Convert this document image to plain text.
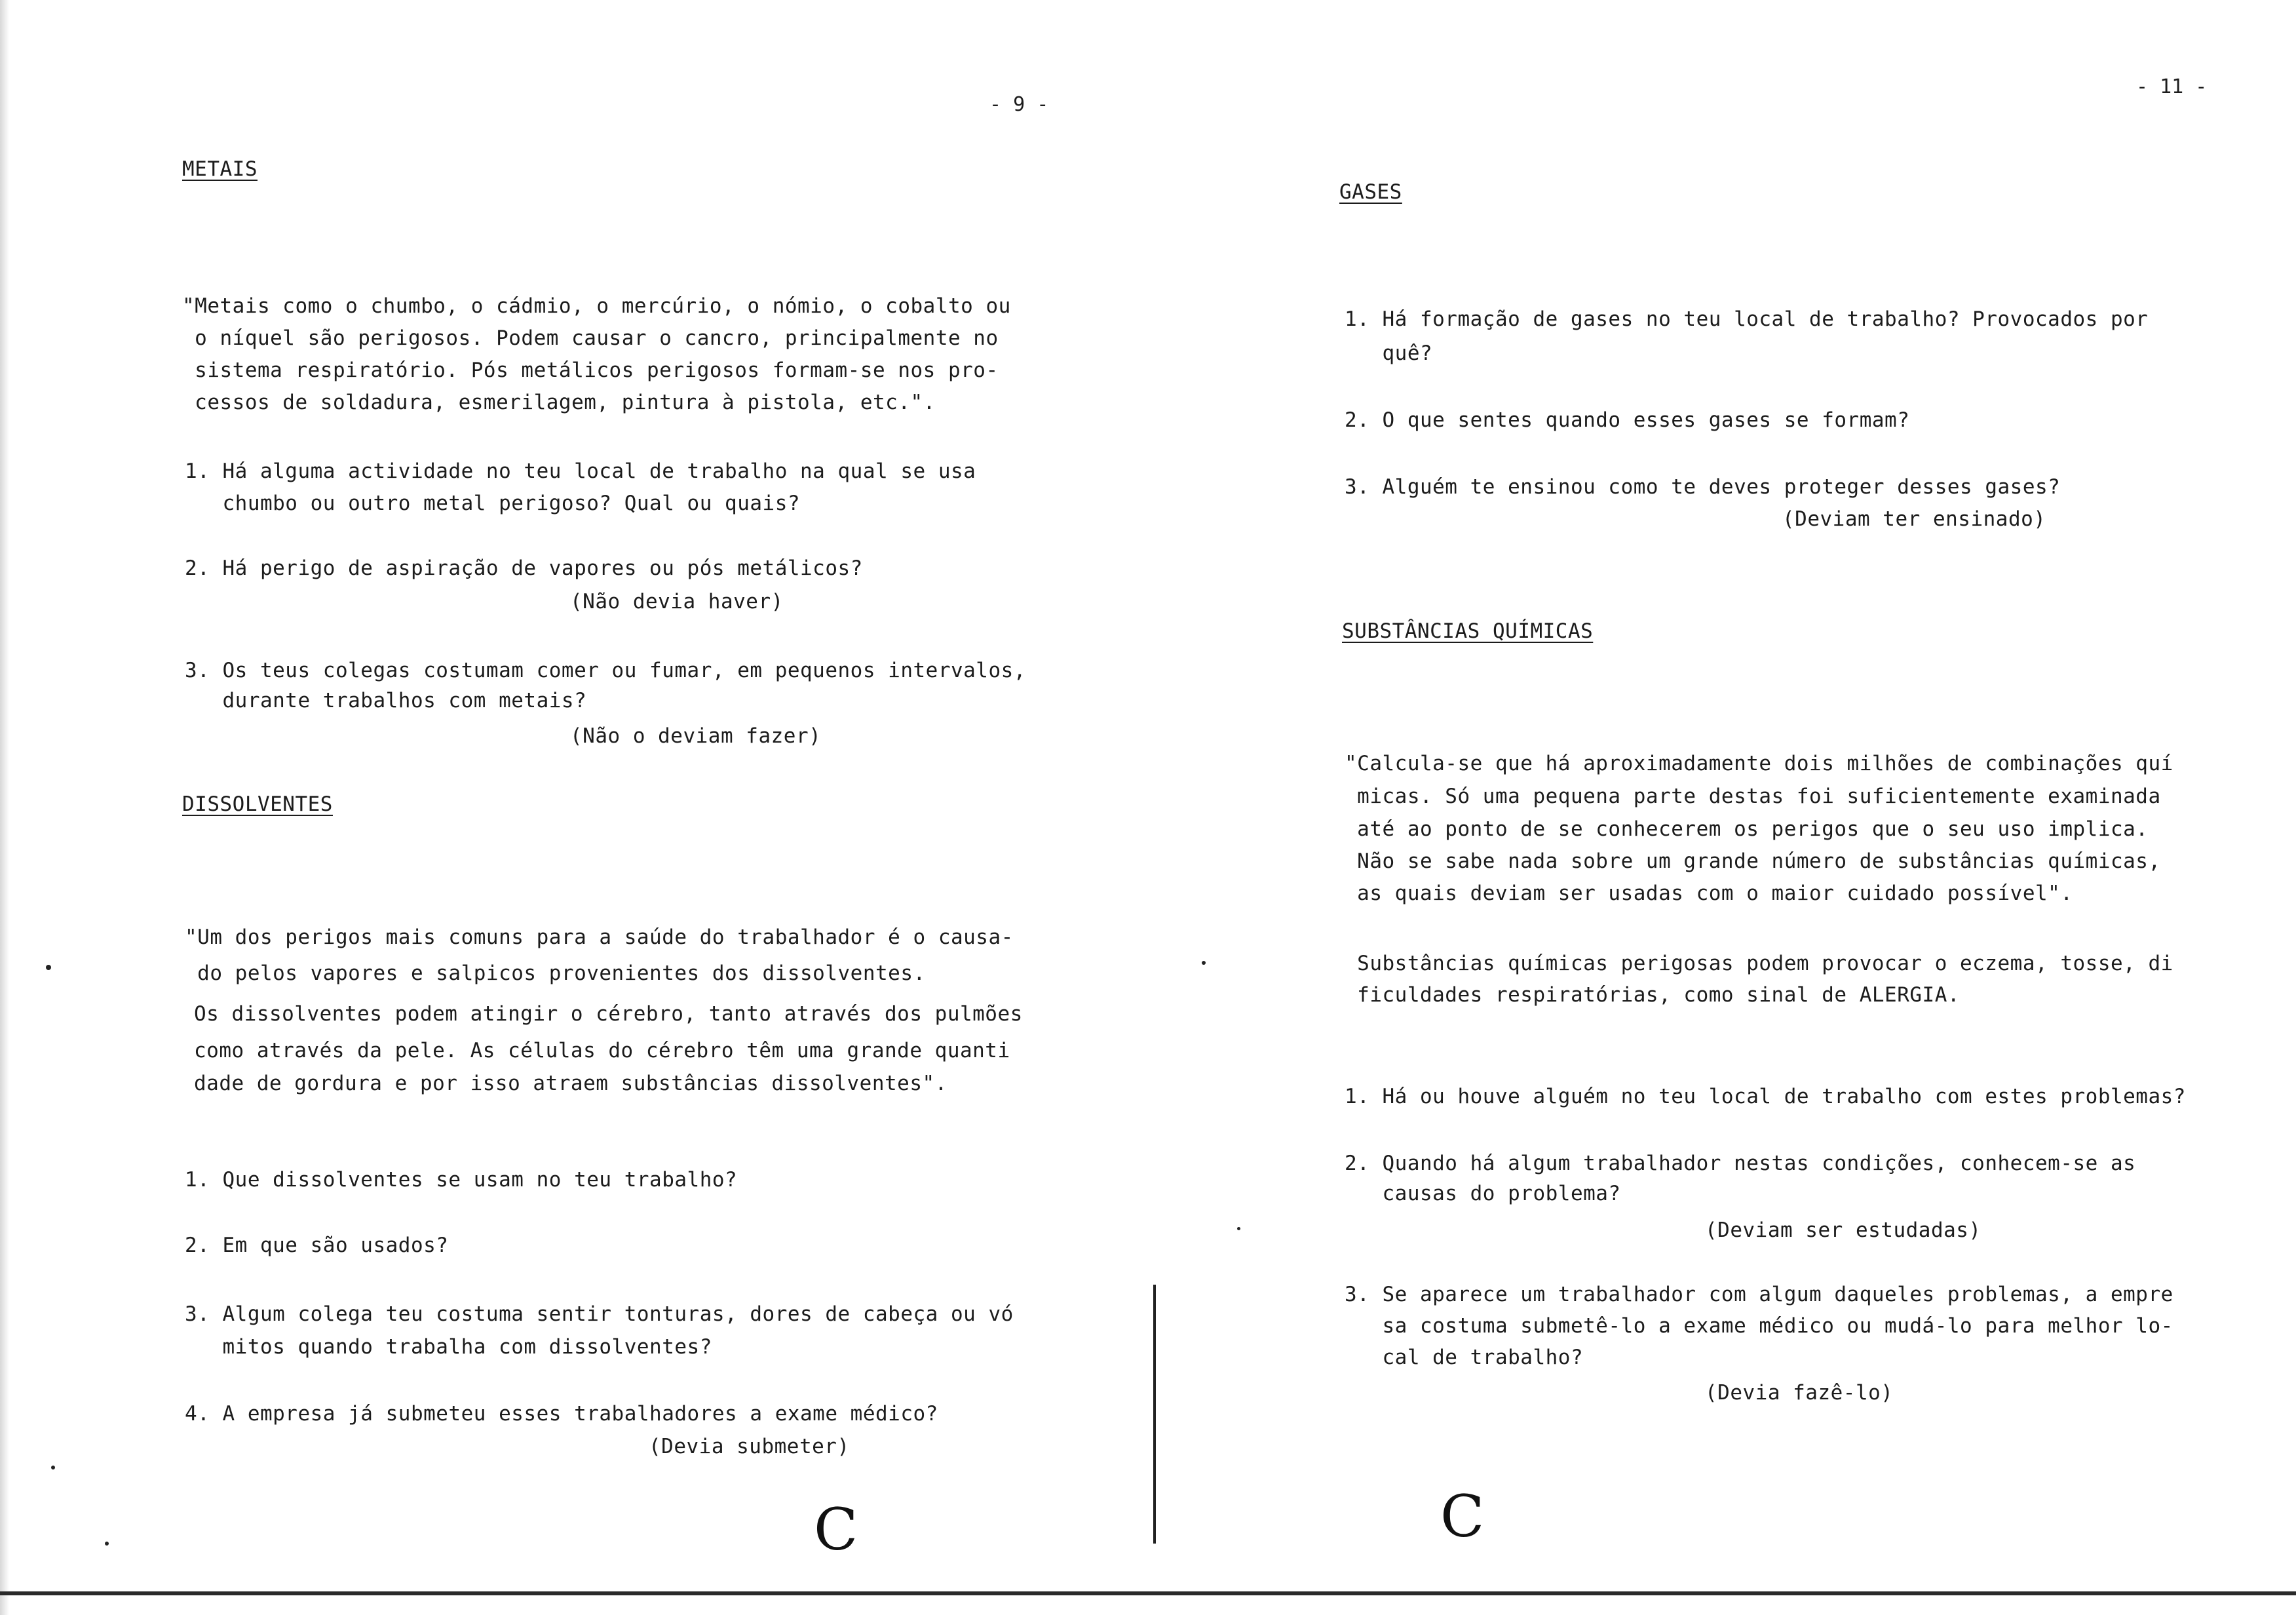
- 9 -
METAIS
"Metais como o chumbo, o cádmio, o mercúrio, o nómio, o cobalto ou
o níquel são perigosos. Podem causar o cancro, principalmente no
sistema respiratório. Pós metálicos perigosos formam-se nos pro-
cessos de soldadura, esmerilagem, pintura à pistola, etc.".
1. Há alguma actividade no teu local de trabalho na qual se usa
chumbo ou outro metal perigoso? Qual ou quais?
2. Há perigo de aspiração de vapores ou pós metálicos?
(Não devia haver)
3. Os teus colegas costumam comer ou fumar, em pequenos intervalos,
durante trabalhos com metais?
(Não o deviam fazer)
DISSOLVENTES
"Um dos perigos mais comuns para a saúde do trabalhador é o causa-
do pelos vapores e salpicos provenientes dos dissolventes.
Os dissolventes podem atingir o cérebro, tanto através dos pulmões
como através da pele. As células do cérebro têm uma grande quanti
dade de gordura e por isso atraem substâncias dissolventes".
1. Que dissolventes se usam no teu trabalho?
2. Em que são usados?
3. Algum colega teu costuma sentir tonturas, dores de cabeça ou vó
mitos quando trabalha com dissolventes?
4. A empresa já submeteu esses trabalhadores a exame médico?
(Devia submeter)
C
- 11 -
GASES
1. Há formação de gases no teu local de trabalho? Provocados por
quê?
2. O que sentes quando esses gases se formam?
3. Alguém te ensinou como te deves proteger desses gases?
(Deviam ter ensinado)
SUBSTÂNCIAS QUÍMICAS
"Calcula-se que há aproximadamente dois milhões de combinações quí
micas. Só uma pequena parte destas foi suficientemente examinada
até ao ponto de se conhecerem os perigos que o seu uso implica.
Não se sabe nada sobre um grande número de substâncias químicas,
as quais deviam ser usadas com o maior cuidado possível".
Substâncias químicas perigosas podem provocar o eczema, tosse, di
ficuldades respiratórias, como sinal de ALERGIA.
1. Há ou houve alguém no teu local de trabalho com estes problemas?
2. Quando há algum trabalhador nestas condições, conhecem-se as
causas do problema?
(Deviam ser estudadas)
3. Se aparece um trabalhador com algum daqueles problemas, a empre
sa costuma submetê-lo a exame médico ou mudá-lo para melhor lo-
cal de trabalho?
(Devia fazê-lo)
C
